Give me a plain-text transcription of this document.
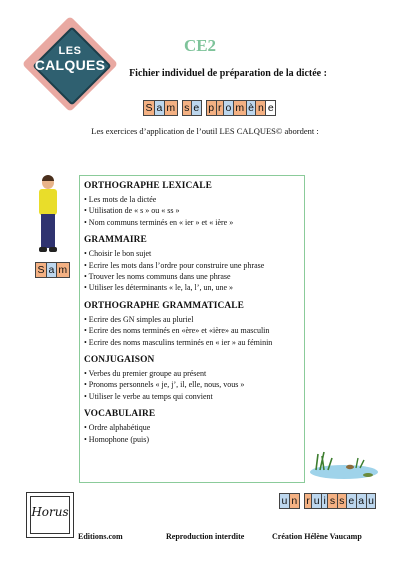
LES
CALQUES
CE2
Fichier individuel de préparation de la dictée :
S a m s e p r o m è n e
Les exercices d’application de l’outil LES CALQUES© abordent :
S a m
ORTHOGRAPHE LEXICALE
• Les mots de la dictée
• Utilisation de « s » ou « ss »
• Nom communs terminés en « ier » et « ière »
GRAMMAIRE
• Choisir le bon sujet
• Ecrire les mots dans l’ordre pour construire une phrase
• Trouver les noms communs dans une phrase
• Utiliser les déterminants « le, la, l’, un, une »
ORTHOGRAPHE GRAMMATICALE
• Ecrire des GN simples au pluriel
• Ecrire des noms terminés en «ère» et «ière» au masculin
• Ecrire des noms masculins terminés en « ier » au féminin
CONJUGAISON
• Verbes du premier groupe au présent
• Pronoms personnels « je, j’, il, elle, nous, vous »
• Utiliser le verbe au temps qui convient
VOCABULAIRE
• Ordre alphabétique
• Homophone (puis)
u n r u i s s e a u
Horus
Editions.com	Reproduction interdite	Création Hélène Vaucamp
